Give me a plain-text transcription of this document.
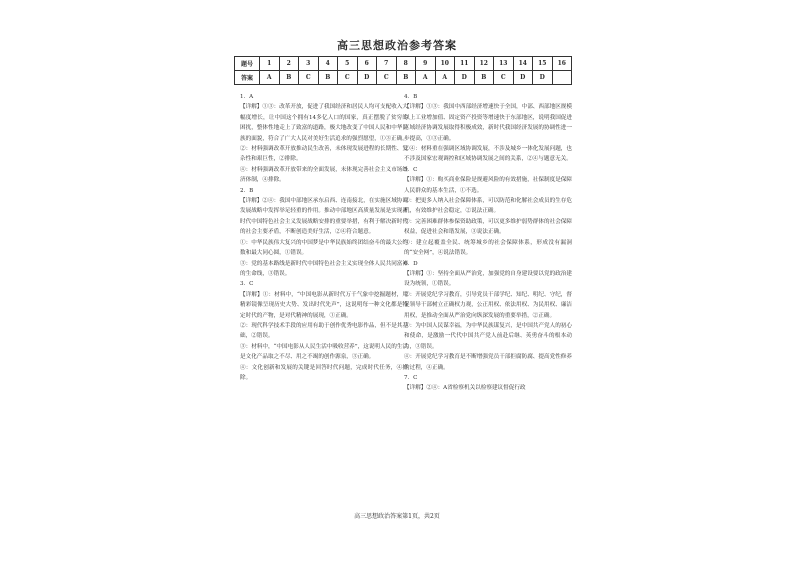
高三思想政治参考答案
题号	1	2	3	4	5	6	7	8	9	10	11	12	13	14	15	16
答案	A	B	C	B	C	D	C	B	A	A	D	B	C	D	D	

1．A

【详解】①③：改革开放，促进了我国经济和居民人均可支配收入大幅度增长，让中国这个拥有14多亿人口的国家，真正摆脱了贫穷的困扰，整体性地走上了致富的道路，极大地改变了中国人民和中华民族的面貌，符合了广大人民对美好生活追求的强烈愿望，①③正确。

②：材料强调改革开放推动民生改善，未体现发展进程的长期性、复杂性和艰巨性，②排除。

④：材料强调改革开放带来的全面发展，未体现完善社会主义市场经济体制，④排除。

2．B

【详解】②④：我国中部地区承东启西、连南接北，在实施区域协调发展战略中发挥举足轻重的作用。推动中部地区高质量发展是实现新时代中国特色社会主义发展战略安排的重要举措，有利于解决新时代的社会主要矛盾，不断创造美好生活，②④符合题意。

①：中华民族伟大复兴的中国梦是中华民族始终团结奋斗的最大公约数和最大同心圆，①错误。

③：党的基本路线是新时代中国特色社会主义实现全体人民共同富裕的生命线，③错误。

3．C

【详解】①：材料中，“中国电影从新时代万千气象中挖掘题材，用精彩镜像呈现历史大势、发出时代先声”，这说明每一种文化都是特定时代的产物，是对代精神的展现，①正确。

②：现代科学技术手段的应用有助于创作优秀电影作品，但不是其基础，②错误。

③：材料中，“中国电影从人民生活中吸收营养”，这说明人民的生活是文化产品取之不尽、用之不竭的创作源泉，③正确。

④：文化创新和发展的关键是回答时代问题，完成时代任务，④排除。

4．B

【详解】①③：我国中西部经济增速快于全国，中部、西部地区规模以上工业增加值、固定资产投资等增速快于东部地区，说明我国促进区域经济协调发展取得积极成效，新时代我国经济发展的协调性进一步提高，①③正确。

②④：材料重在强调区域协调发展，不涉及城乡一体化发展问题，也不涉及国家宏观调控和区域协调发展之间的关系，②④与题意无关。

5．C

【详解】①：购买商业保险是规避风险的有效措施，社保制度是保障人民群众的基本生活，①不选。

②：把更多人纳入社会保障体系，可以防范和化解社会成员的生存危机，有效维护社会稳定，②说法正确。

③：完善困难群体参保资助政策，可以更多维护弱势群体的社会保障权益，促进社会和谐发展，③说法正确。

④：建立起覆盖全民、统筹城乡的社会保障体系，形成没有漏洞的“安全网”，④说法错误。

6．D

【详解】①：坚持全面从严治党，加强党的自身建设要以党的政治建设为统领，①错误。

②：开展党纪学习教育，引导党员干部学纪、知纪、明纪、守纪，督促领导干部树立正确权力观，公正用权、依法用权、为民用权、廉洁用权，是推动全面从严治党向纵深发展的重要举措，②正确。

③：为中国人民谋幸福，为中华民族谋复兴，是中国共产党人的初心和使命，是激励一代代中国共产党人前赴后继、英勇奋斗的根本动力，③错误。

④：开展党纪学习教育是不断增强党员干部拒腐防腐、提高党性修养的过程，④正确。

7．C

【详解】②④：A省检察机关以检察建议督促行政

高三思想政治答案第1页，共2页
